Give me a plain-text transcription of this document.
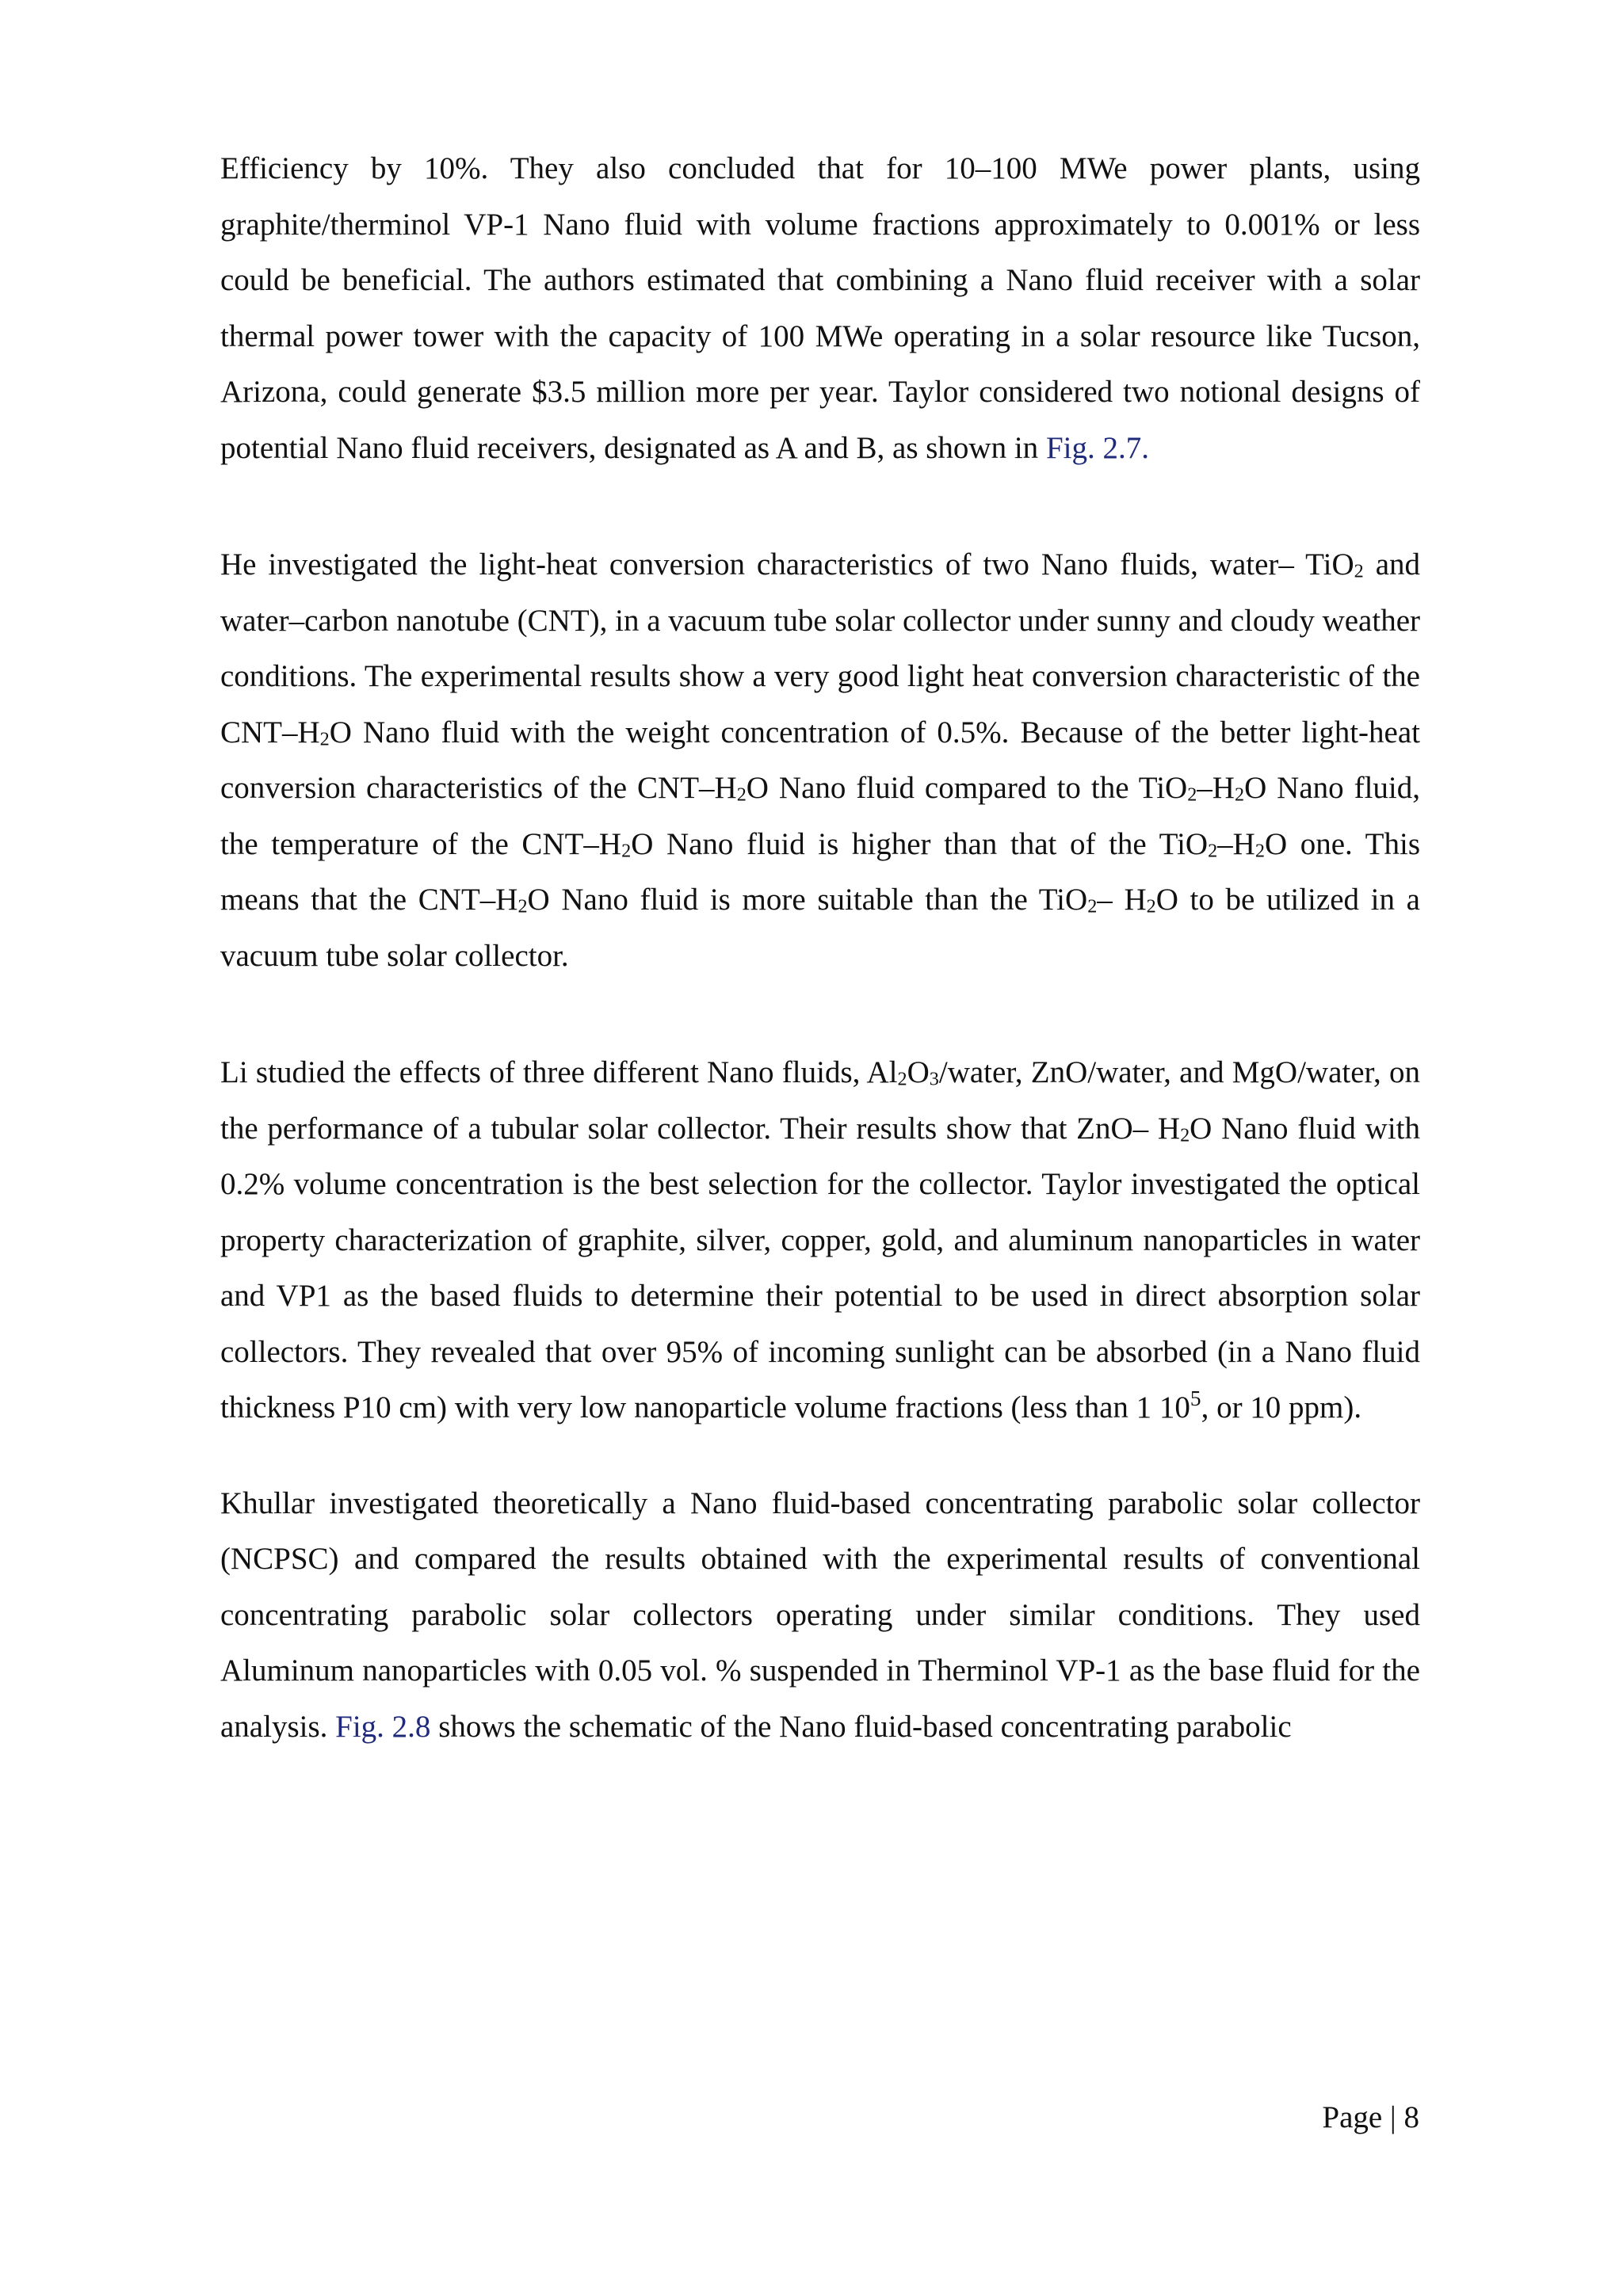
Efficiency by 10%. They also concluded that for 10–100 MWe power plants, using graphite/therminol VP-1 Nano fluid with volume fractions approximately to 0.001% or less could be beneficial. The authors estimated that combining a Nano fluid receiver with a solar thermal power tower with the capacity of 100 MWe operating in a solar resource like Tucson, Arizona, could generate $3.5 million more per year. Taylor considered two notional designs of potential Nano fluid receivers, designated as A and B, as shown in Fig. 2.7.

He investigated the light-heat conversion characteristics of two Nano fluids, water– TiO$_2$ and water–carbon nanotube (CNT), in a vacuum tube solar collector under sunny and cloudy weather conditions. The experimental results show a very good light heat conversion characteristic of the CNT–$H_2O$ Nano fluid with the weight concentration of 0.5%. Because of the better light-heat conversion characteristics of the CNT–$H_2O$ Nano fluid compared to the $TiO_2-H_2O$ Nano fluid, the temperature of the CNT–$H_2O$ Nano fluid is higher than that of the $TiO_2-H_2O$ one. This means that the CNT–$H_2O$ Nano fluid is more suitable than the TiO$_2$– $H_2O$ to be utilized in a vacuum tube solar collector.

Li studied the effects of three different Nano fluids, $Al_2O_3$/water, ZnO/water, and MgO/water, on the performance of a tubular solar collector. Their results show that ZnO– $H_2O$ Nano fluid with 0.2% volume concentration is the best selection for the collector. Taylor investigated the optical property characterization of graphite, silver, copper, gold, and aluminum nanoparticles in water and VP1 as the based fluids to determine their potential to be used in direct absorption solar collectors. They revealed that over 95% of incoming sunlight can be absorbed (in a Nano fluid thickness P10 cm) with very low nanoparticle volume fractions (less than 1 $10^5$, or 10 ppm).

Khullar investigated theoretically a Nano fluid-based concentrating parabolic solar collector (NCPSC) and compared the results obtained with the experimental results of conventional concentrating parabolic solar collectors operating under similar conditions. They used Aluminum nanoparticles with 0.05 vol. % suspended in Therminol VP-1 as the base fluid for the analysis. Fig. 2.8 shows the schematic of the Nano fluid-based concentrating parabolic

Page | 8
